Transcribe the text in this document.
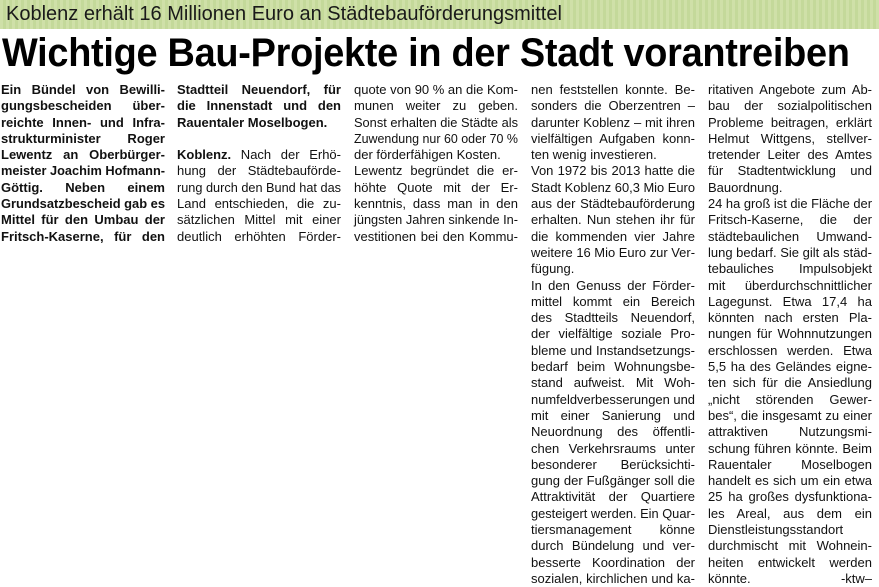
Koblenz erhält 16 Millionen Euro an Städtebauförderungsmittel
Wichtige Bau-Projekte in der Stadt vorantreiben
Ein Bündel von Bewilli-
gungsbescheiden über-
reichte Innen- und Infra-
strukturminister Roger
Lewentz an Oberbürger-
meister Joachim Hofmann-
Göttig. Neben einem
Grundsatzbescheid gab es
Mittel für den Umbau der
Fritsch-Kaserne, für den
Stadtteil Neuendorf, für
die Innenstadt und den
Rauentaler Moselbogen.
Koblenz. Nach der Erhö-
hung der Städtebauförde-
rung durch den Bund hat das
Land entschieden, die zu-
sätzlichen Mittel mit einer
deutlich erhöhten Förder-
quote von 90 % an die Kom-
munen weiter zu geben.
Sonst erhalten die Städte als
Zuwendung nur 60 oder 70 %
der förderfähigen Kosten.
Lewentz begründet die er-
höhte Quote mit der Er-
kenntnis, dass man in den
jüngsten Jahren sinkende In-
vestitionen bei den Kommu-
nen feststellen konnte. Be-
sonders die Oberzentren –
darunter Koblenz – mit ihren
vielfältigen Aufgaben konn-
ten wenig investieren.
Von 1972 bis 2013 hatte die
Stadt Koblenz 60,3 Mio Euro
aus der Städtebauförderung
erhalten. Nun stehen ihr für
die kommenden vier Jahre
weitere 16 Mio Euro zur Ver-
fügung.
In den Genuss der Förder-
mittel kommt ein Bereich
des Stadtteils Neuendorf,
der vielfältige soziale Pro-
bleme und Instandsetzungs-
bedarf beim Wohnungsbe-
stand aufweist. Mit Woh-
numfeldverbesserungen und
mit einer Sanierung und
Neuordnung des öffentli-
chen Verkehrsraums unter
besonderer Berücksichti-
gung der Fußgänger soll die
Attraktivität der Quartiere
gesteigert werden. Ein Quar-
tiersmanagement könne
durch Bündelung und ver-
besserte Koordination der
sozialen, kirchlichen und ka-
ritativen Angebote zum Ab-
bau der sozialpolitischen
Probleme beitragen, erklärt
Helmut Wittgens, stellver-
tretender Leiter des Amtes
für Stadtentwicklung und
Bauordnung.
24 ha groß ist die Fläche der
Fritsch-Kaserne, die der
städtebaulichen Umwand-
lung bedarf. Sie gilt als städ-
tebauliches Impulsobjekt
mit überdurchschnittlicher
Lagegunst. Etwa 17,4 ha
könnten nach ersten Pla-
nungen für Wohnnutzungen
erschlossen werden. Etwa
5,5 ha des Geländes eigne-
ten sich für die Ansiedlung
„nicht störenden Gewer-
bes“, die insgesamt zu einer
attraktiven Nutzungsmi-
schung führen könnte. Beim
Rauentaler Moselbogen
handelt es sich um ein etwa
25 ha großes dysfunktiona-
les Areal, aus dem ein
Dienstleistungsstandort
durchmischt mit Wohnein-
heiten entwickelt werden
könnte.	-ktw–
